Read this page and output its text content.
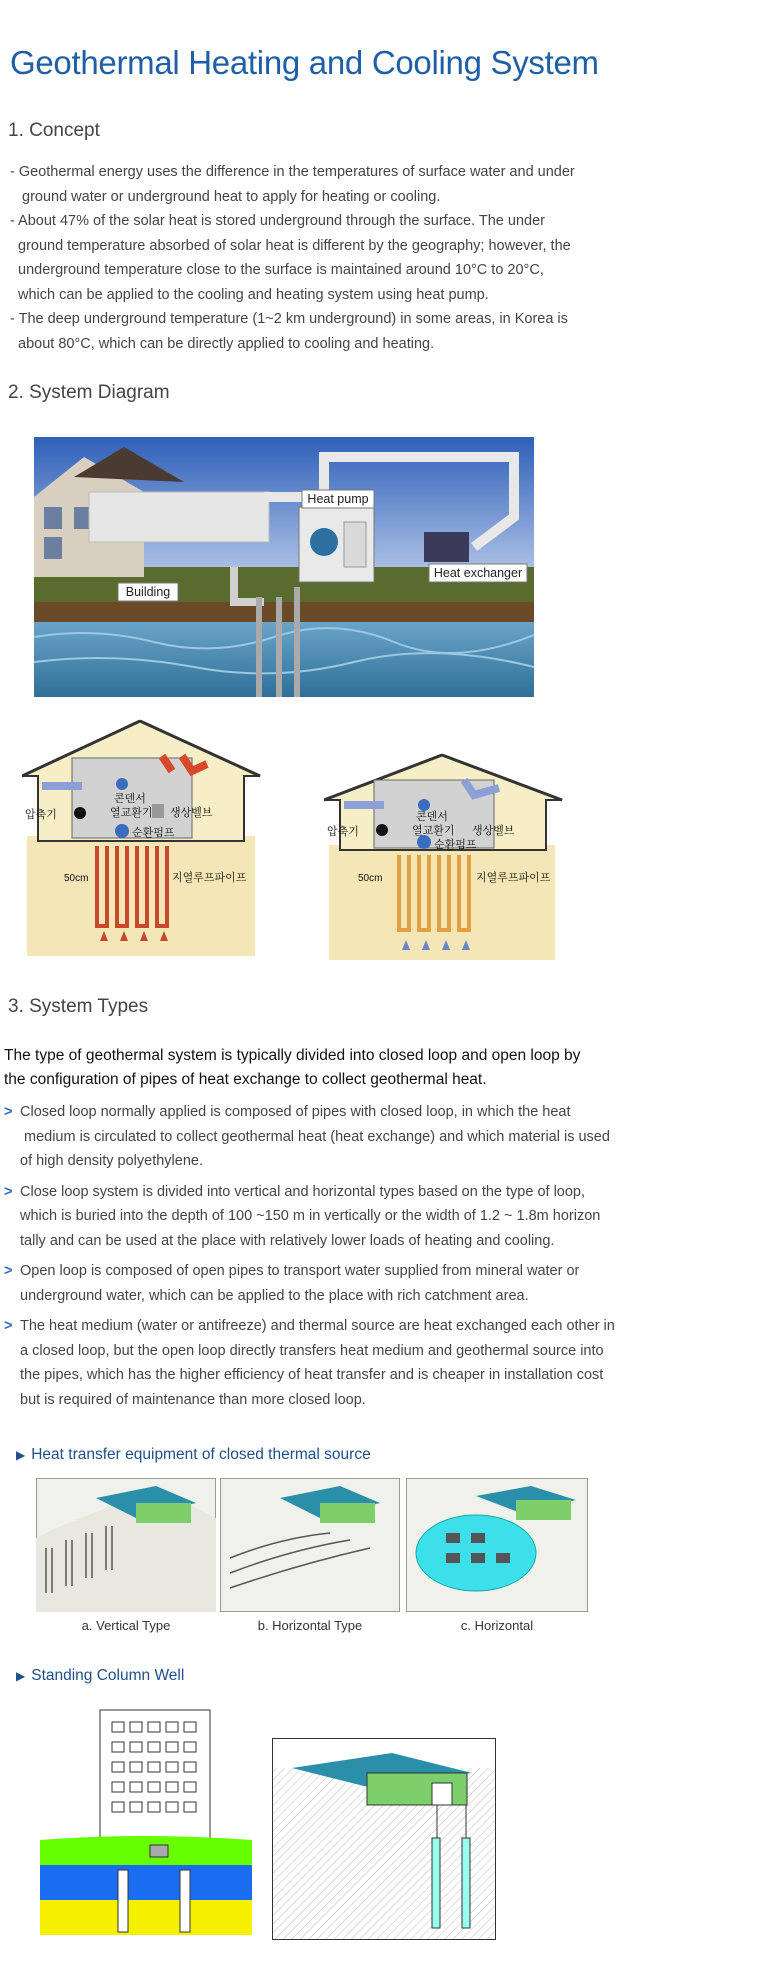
Geothermal Heating and Cooling System
1. Concept

- Geothermal energy uses the difference in the temperatures of surface water and under

ground water or underground heat to apply for heating or cooling.

- About 47% of the solar heat is stored underground through the surface. The under

ground temperature absorbed of solar heat is different by the geography; however, the

underground temperature close to the surface is maintained around 10°C to 20°C,

which can be applied to the cooling and heating system using heat pump.

- The deep underground temperature (1~2 km underground) in some areas, in Korea is

about 80°C, which can be directly applied to cooling and heating.

2. System Diagram
Heat pump
Heat exchanger
Building
압축기
콘덴서
열교환기 생상벨브
순환펌프
50cm	지열루프파이프
압축기
콘덴서
열교환기 생상벨브
순환펌프
50cm	지열루프파이프
3. System Types
The type of geothermal system is typically divided into closed loop and open loop by
the configuration of pipes of heat exchange to collect geothermal heat.
> Closed loop normally applied is composed of pipes with closed loop, in which the heat
medium is circulated to collect geothermal heat (heat exchange) and which material is used
of high density polyethylene.
> Close loop system is divided into vertical and horizontal types based on the type of loop,
which is buried into the depth of 100 ~150 m in vertically or the width of 1.2 ~ 1.8m horizon
tally and can be used at the place with relatively lower loads of heating and cooling.
> Open loop is composed of open pipes to transport water supplied from mineral water or
underground water, which can be applied to the place with rich catchment area.
> The heat medium (water or antifreeze) and thermal source are heat exchanged each other in
a closed loop, but the open loop directly transfers heat medium and geothermal source into
the pipes, which has the higher efficiency of heat transfer and is cheaper in installation cost
but is required of maintenance than more closed loop.
▶ Heat transfer equipment of closed thermal source
a. Vertical Type	b. Horizontal Type	c. Horizontal
▶ Standing Column Well
